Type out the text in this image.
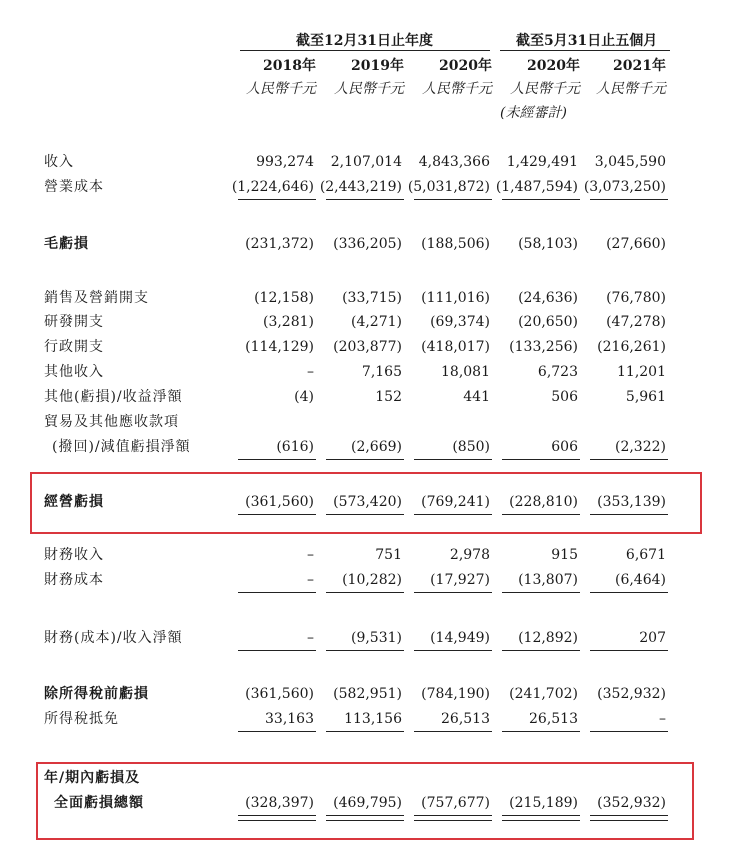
截至12月31日止年度	截至5月31日止五個月
2018年	2019年	2020年	2020年	2021年
人民幣千元	人民幣千元	人民幣千元	人民幣千元	人民幣千元
(未經審計)
收入	993,274	2,107,014	4,843,366	1,429,491	3,045,590
營業成本	(1,224,646) (2,443,219) (5,031,872) (1,487,594) (3,073,250)
毛虧損	(231,372)	(336,205)	(188,506)	(58,103)	(27,660)
銷售及營銷開支	(12,158)	(33,715)	(111,016)	(24,636)	(76,780)
研發開支	(3,281)	(4,271)	(69,374)	(20,650)	(47,278)
行政開支	(114,129)	(203,877)	(418,017)	(133,256)	(216,261)
其他收入	–	7,165	18,081	6,723	11,201
其他(虧損)/收益淨額	(4)	152	441	506	5,961
貿易及其他應收款項
(撥回)/減值虧損淨額	(616)	(2,669)	(850)	606	(2,322)
經營虧損	(361,560)	(573,420)	(769,241)	(228,810)	(353,139)
財務收入	–	751	2,978	915	6,671
財務成本	–	(10,282)	(17,927)	(13,807)	(6,464)
財務(成本)/收入淨額	–	(9,531)	(14,949)	(12,892)	207
除所得稅前虧損	(361,560)	(582,951)	(784,190)	(241,702)	(352,932)
所得稅抵免	33,163	113,156	26,513	26,513	–
年/期內虧損及
全面虧損總額	(328,397)	(469,795)	(757,677)	(215,189)	(352,932)
